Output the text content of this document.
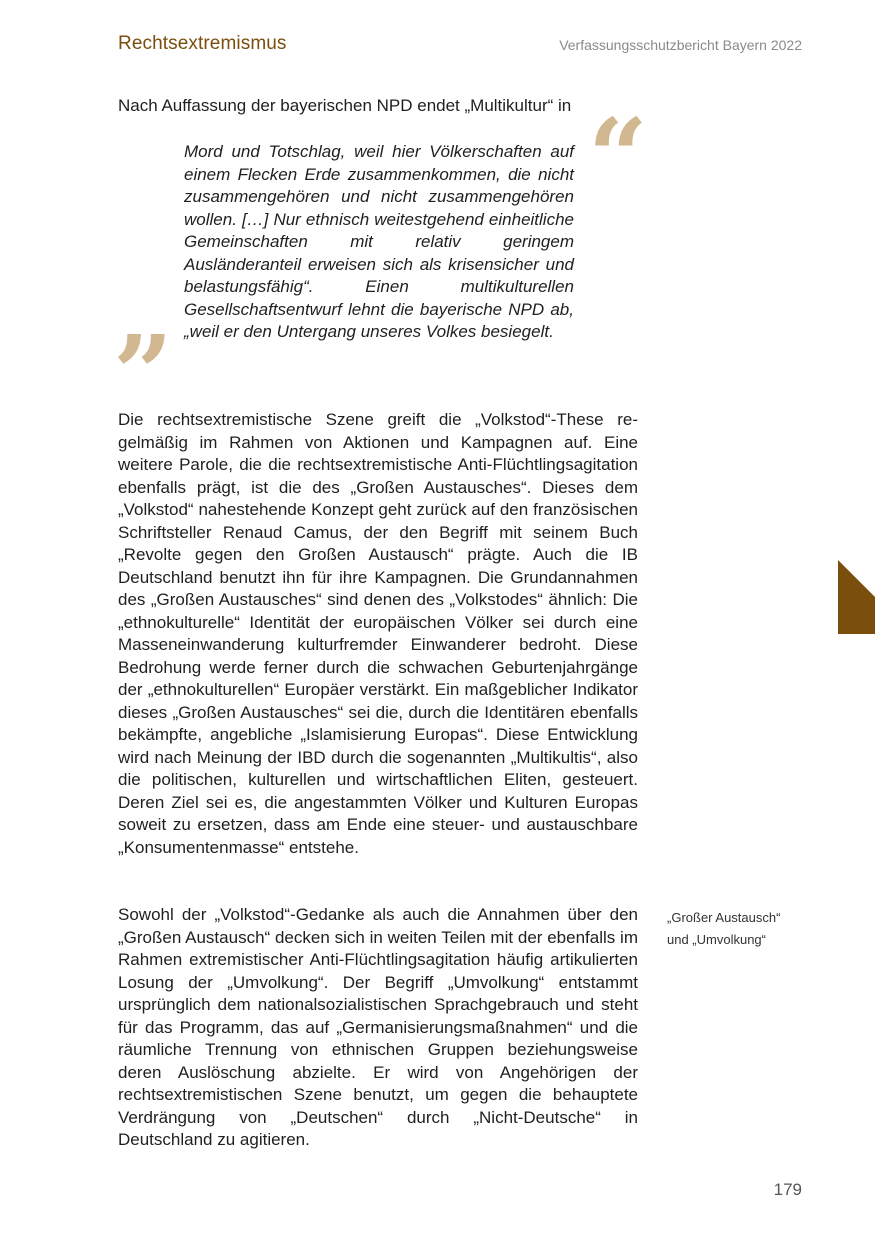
Rechtsextremismus	Verfassungsschutzbericht Bayern 2022
Nach Auffassung der bayerischen NPD endet „Multikultur“ in “
Mord und Totschlag, weil hier Völkerschaften auf einem Flecken Erde zusammenkommen, die nicht zusammengehören und nicht zusammengehören wollen. […] Nur ethnisch weitestgehend einheitliche Gemeinschaften mit relativ geringem Ausländeranteil erweisen sich als krisensicher und belastungsfähig“. Einen multikulturellen Gesellschaftsentwurf lehnt die bayerische NPD ab, „weil er den Untergang unseres Volkes besiegelt.
”
Die rechtsextremistische Szene greift die „Volkstod“-These regelmäßig im Rahmen von Aktionen und Kampagnen auf. Eine weitere Parole, die die rechtsextremistische Anti-Flüchtlingsagitation ebenfalls prägt, ist die des „Großen Austausches“. Dieses dem „Volkstod“ nahestehende Konzept geht zurück auf den französischen Schriftsteller Renaud Camus, der den Begriff mit seinem Buch „Revolte gegen den Großen Austausch“ prägte. Auch die IB Deutschland benutzt ihn für ihre Kampagnen. Die Grundannahmen des „Großen Austausches“ sind denen des „Volkstodes“ ähnlich: Die „ethnokulturelle“ Identität der europäischen Völker sei durch eine Masseneinwanderung kulturfremder Einwanderer bedroht. Diese Bedrohung werde ferner durch die schwachen Geburtenjahrgänge der „ethnokulturellen“ Europäer verstärkt. Ein maßgeblicher Indikator dieses „Großen Austausches“ sei die, durch die Identitären ebenfalls bekämpfte, angebliche „Islamisierung Europas“. Diese Entwicklung wird nach Meinung der IBD durch die sogenannten „Multikultis“, also die politischen, kulturellen und wirtschaftlichen Eliten, gesteuert. Deren Ziel sei es, die angestammten Völker und Kulturen Europas soweit zu ersetzen, dass am Ende eine steuer- und austauschbare „Konsumentenmasse“ entstehe.
Sowohl der „Volkstod“-Gedanke als auch die Annahmen über den „Großen Austausch“ decken sich in weiten Teilen mit der ebenfalls im Rahmen extremistischer Anti-Flüchtlingsagitation häufig artikulierten Losung der „Umvolkung“. Der Begriff „Umvolkung“ entstammt ursprünglich dem nationalsozialistischen Sprachgebrauch und steht für das Programm, das auf „Germanisierungsmaßnahmen“ und die räumliche Trennung von ethnischen Gruppen beziehungsweise deren Auslöschung abzielte. Er wird von Angehörigen der rechtsextremistischen Szene benutzt, um gegen die behauptete Verdrängung von „Deutschen“ durch „Nicht-Deutsche“ in Deutschland zu agitieren.
„Großer Austausch“
und „Umvolkung“
179
